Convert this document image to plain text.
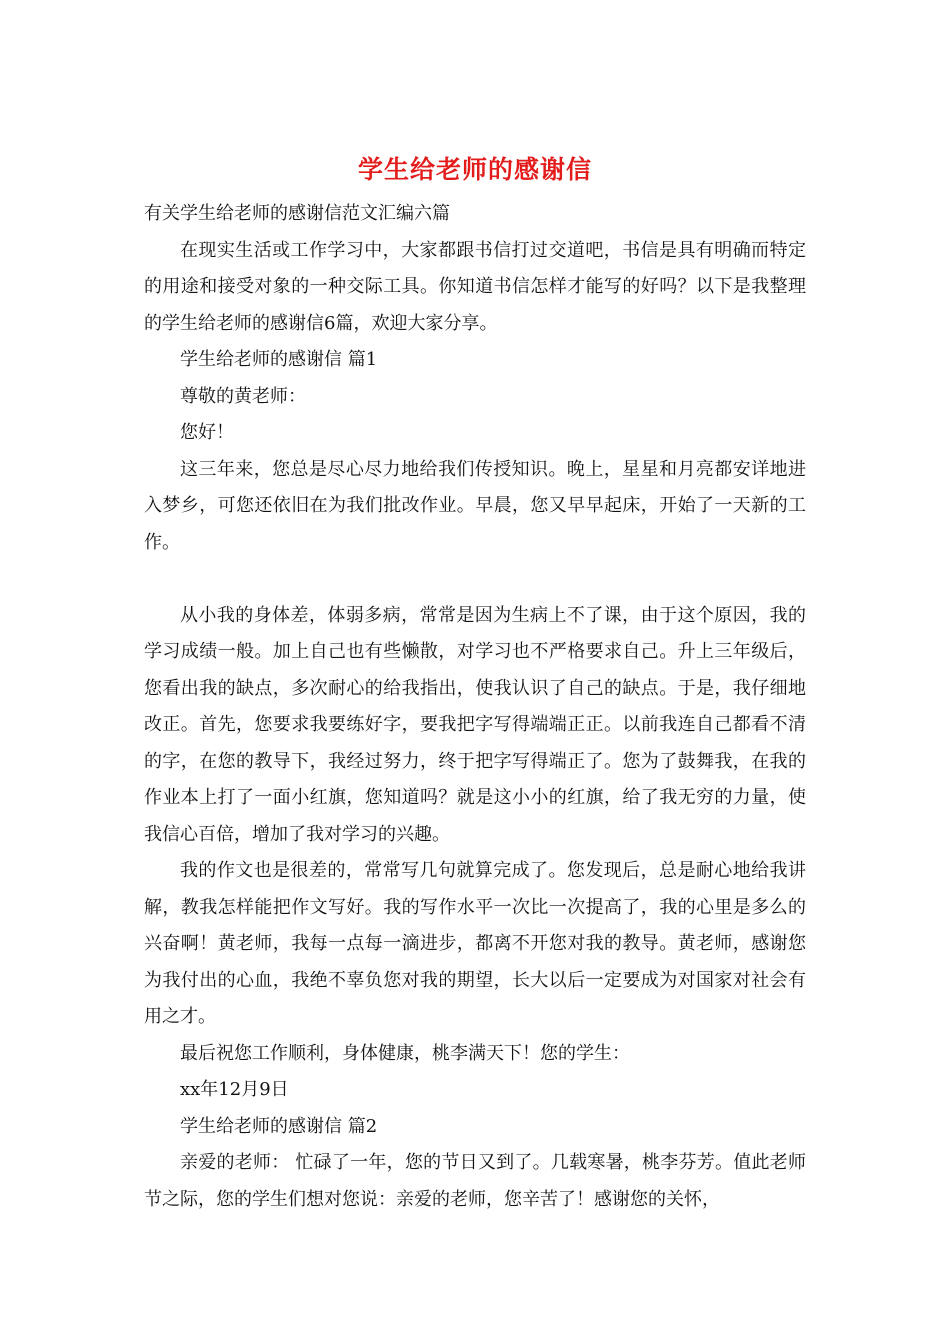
学生给老师的感谢信

有关学生给老师的感谢信范文汇编六篇

在现实生活或工作学习中，大家都跟书信打过交道吧，书信是具有明确而特定的用途和接受对象的一种交际工具。你知道书信怎样才能写的好吗？以下是我整理的学生给老师的感谢信6篇，欢迎大家分享。

学生给老师的感谢信 篇1

尊敬的黄老师：

您好！

这三年来，您总是尽心尽力地给我们传授知识。晚上，星星和月亮都安详地进入梦乡，可您还依旧在为我们批改作业。早晨，您又早早起床，开始了一天新的工作。

从小我的身体差，体弱多病，常常是因为生病上不了课，由于这个原因，我的学习成绩一般。加上自己也有些懒散，对学习也不严格要求自己。升上三年级后，您看出我的缺点，多次耐心的给我指出，使我认识了自己的缺点。于是，我仔细地改正。首先，您要求我要练好字，要我把字写得端端正正。以前我连自己都看不清的字，在您的教导下，我经过努力，终于把字写得端正了。您为了鼓舞我，在我的作业本上打了一面小红旗，您知道吗？就是这小小的红旗，给了我无穷的力量，使我信心百倍，增加了我对学习的兴趣。

我的作文也是很差的，常常写几句就算完成了。您发现后，总是耐心地给我讲解，教我怎样能把作文写好。我的写作水平一次比一次提高了，我的心里是多么的兴奋啊！黄老师，我每一点每一滴进步，都离不开您对我的教导。黄老师，感谢您为我付出的心血，我绝不辜负您对我的期望，长大以后一定要成为对国家对社会有用之才。

最后祝您工作顺利，身体健康，桃李满天下！您的学生：

xx年12月9日

学生给老师的感谢信 篇2

亲爱的老师： 忙碌了一年，您的节日又到了。几载寒暑，桃李芬芳。值此老师节之际，您的学生们想对您说：亲爱的老师，您辛苦了！感谢您的关怀，
